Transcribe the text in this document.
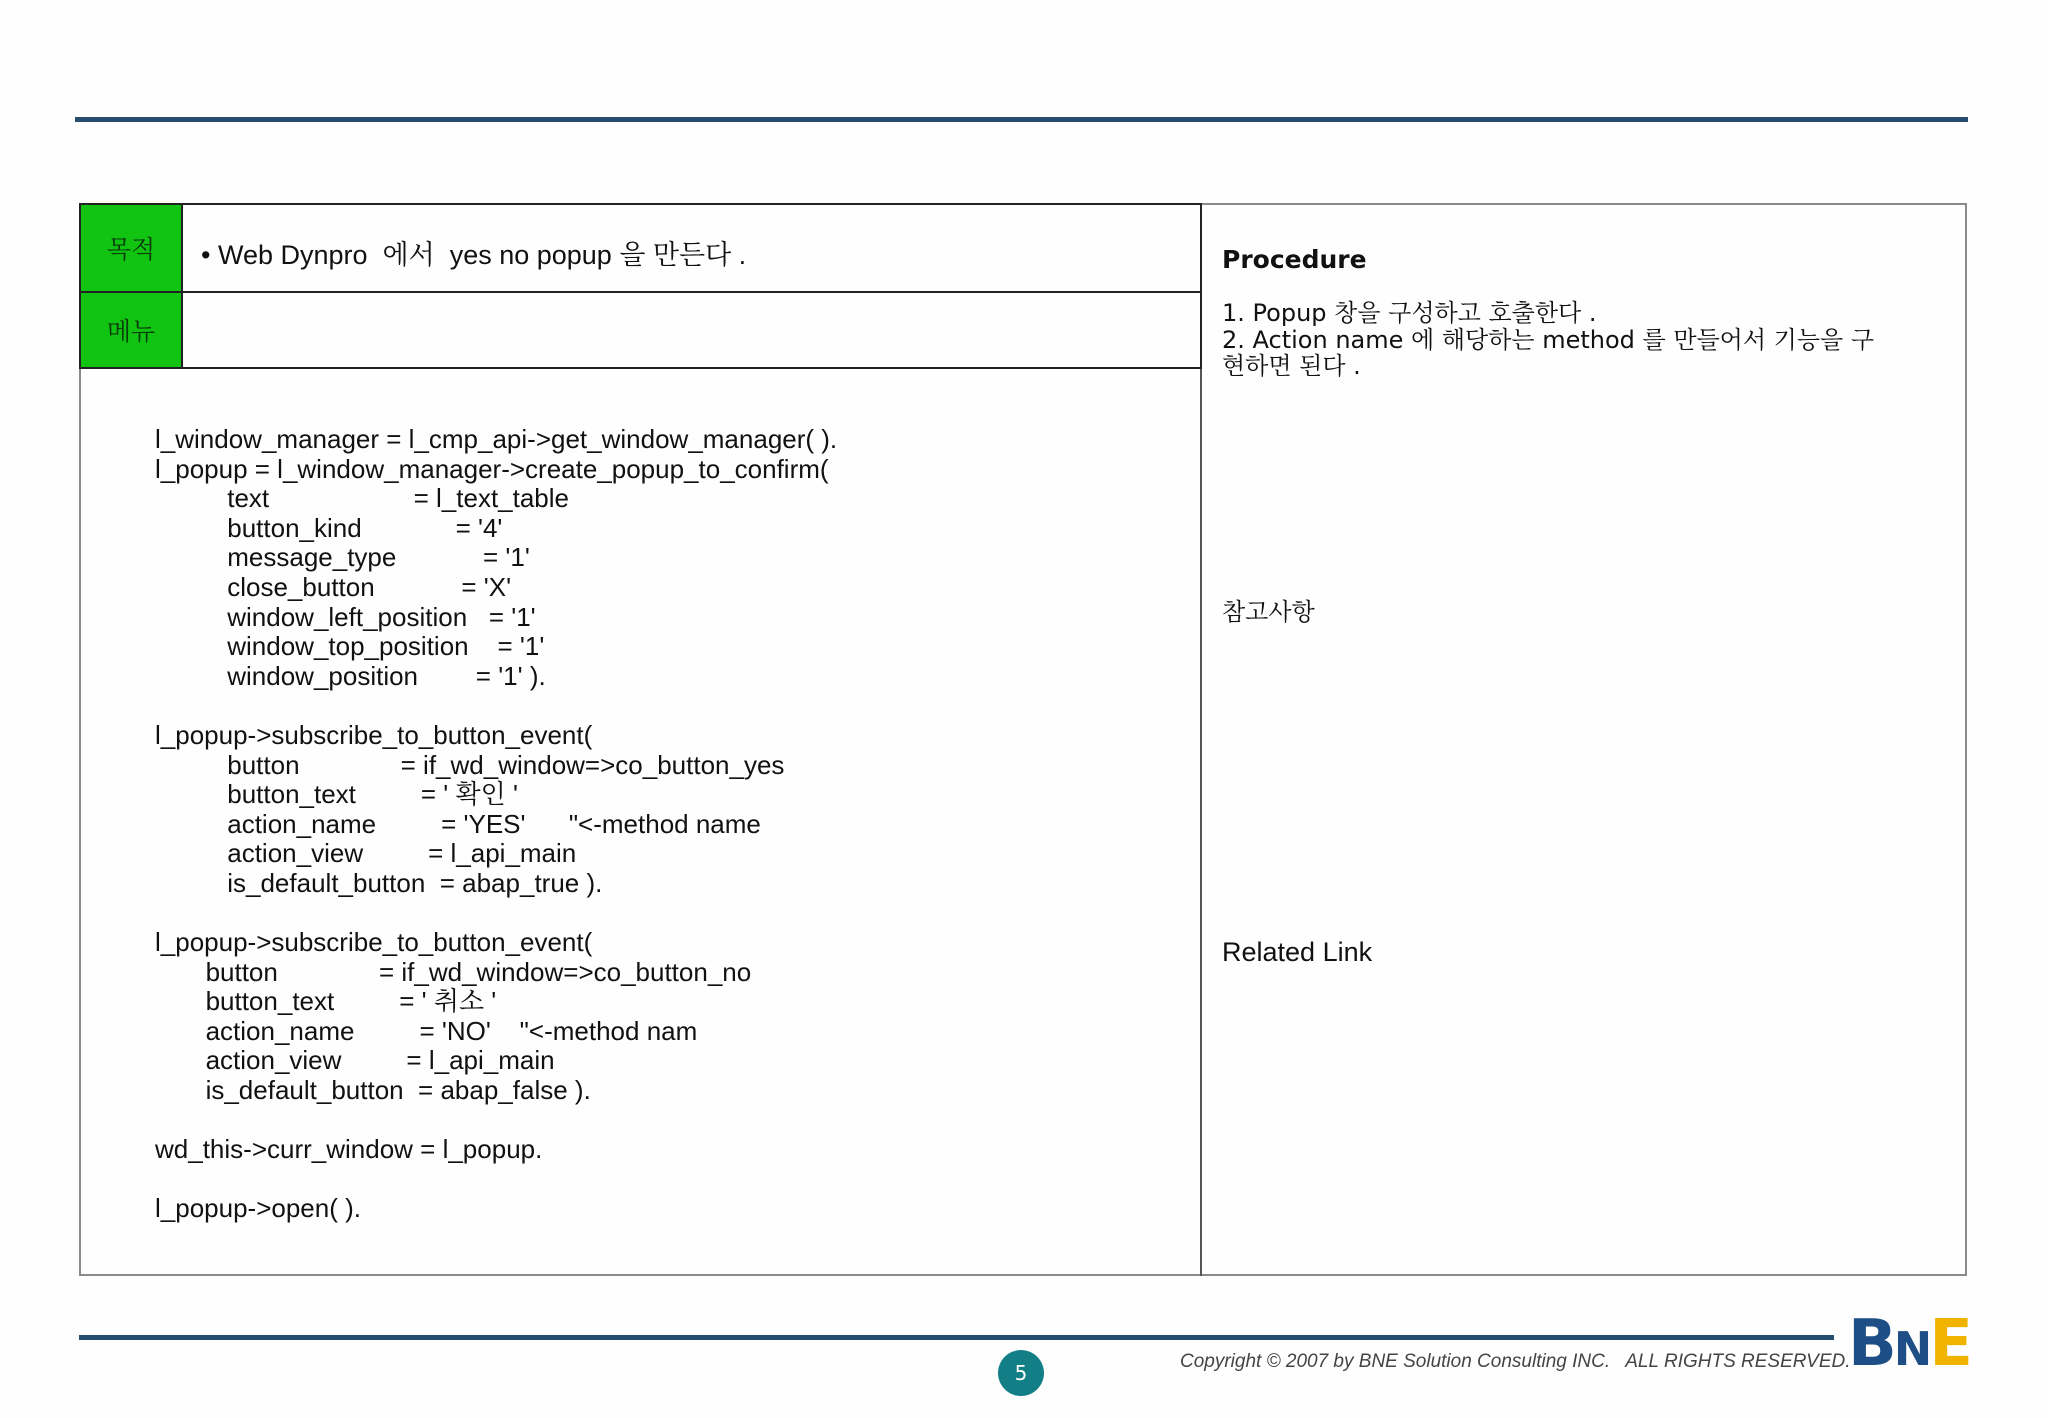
목적	• Web Dynpro  에서  yes no popup 을 만든다 .
메뉴
l_window_manager = l_cmp_api->get_window_manager( ).
l_popup = l_window_manager->create_popup_to_confirm(
text                    = l_text_table
button_kind             = '4'
message_type            = '1'
close_button            = 'X'
window_left_position   = '1'
window_top_position    = '1'
window_position        = '1' ).

l_popup->subscribe_to_button_event(
button              = if_wd_window=>co_button_yes
button_text         = ' 확인 '
action_name         = 'YES'      "<-method name
action_view         = l_api_main
is_default_button  = abap_true ).

l_popup->subscribe_to_button_event(
button              = if_wd_window=>co_button_no
button_text         = ' 취소 '
action_name         = 'NO'    "<-method nam
action_view         = l_api_main
is_default_button  = abap_false ).

wd_this->curr_window = l_popup.

l_popup->open( ).

Procedure

1. Popup 창을 구성하고 호출한다 .

2. Action name 에 해당하는 method 를 만들어서 기능을 구

현하면 된다 .

참고사항

Related Link

5	Copyright © 2007 by BNE Solution Consulting INC.   ALL RIGHTS RESERVED.
BNE
